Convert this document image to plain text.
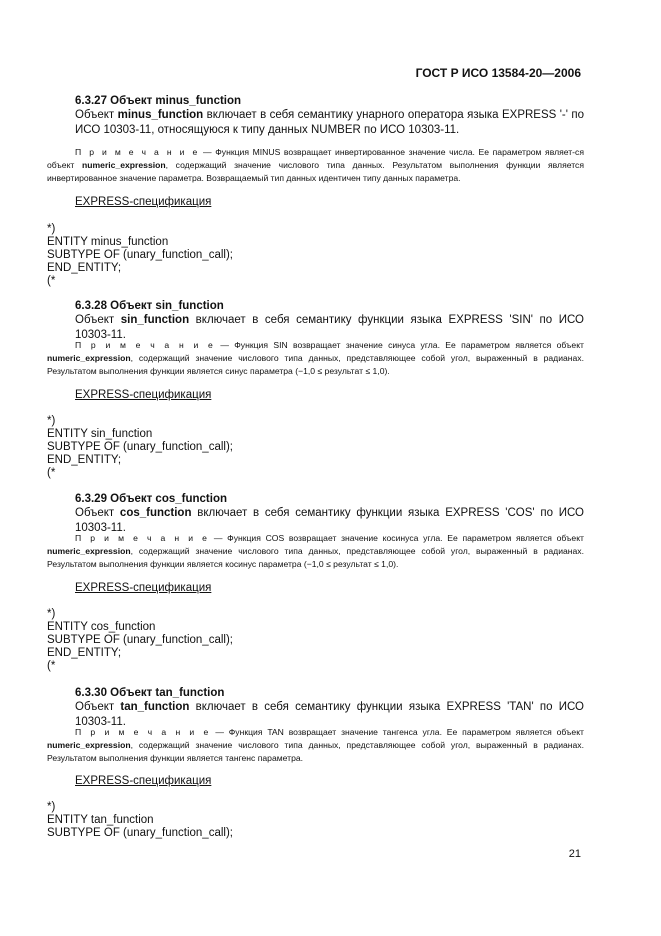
ГОСТ Р ИСО 13584-20—2006
6.3.27 Объект minus_function
Объект minus_function включает в себя семантику унарного оператора языка EXPRESS '-' по ИСО 10303-11, относящуюся к типу данных NUMBER по ИСО 10303-11.
П р и м е ч а н и е — Функция MINUS возвращает инвертированное значение числа. Ее параметром являет-ся объект numeric_expression, содержащий значение числового типа данных. Результатом выполнения функции является инвертированное значение параметра. Возвращаемый тип данных идентичен типу данных параметра.
EXPRESS-спецификация
*)
ENTITY minus_function
SUBTYPE OF (unary_function_call);
END_ENTITY;
(*
6.3.28 Объект sin_function
Объект sin_function включает в себя семантику функции языка EXPRESS 'SIN' по ИСО 10303-11.
П р и м е ч а н и е — Функция SIN возвращает значение синуса угла. Ее параметром является объект numeric_expression, содержащий значение числового типа данных, представляющее собой угол, выраженный в радианах. Результатом выполнения функции является синус параметра (−1,0 ≤ результат ≤ 1,0).
EXPRESS-спецификация
*)
ENTITY sin_function
SUBTYPE OF (unary_function_call);
END_ENTITY;
(*
6.3.29 Объект cos_function
Объект cos_function включает в себя семантику функции языка EXPRESS 'COS' по ИСО 10303-11.
П р и м е ч а н и е — Функция COS возвращает значение косинуса угла. Ее параметром является объект numeric_expression, содержащий значение числового типа данных, представляющее собой угол, выраженный в радианах. Результатом выполнения функции является косинус параметра (−1,0 ≤ результат ≤ 1,0).
EXPRESS-спецификация
*)
ENTITY cos_function
SUBTYPE OF (unary_function_call);
END_ENTITY;
(*
6.3.30 Объект tan_function
Объект tan_function включает в себя семантику функции языка EXPRESS 'TAN' по ИСО 10303-11.
П р и м е ч а н и е — Функция TAN возвращает значение тангенса угла. Ее параметром является объект numeric_expression, содержащий значение числового типа данных, представляющее собой угол, выраженный в радианах. Результатом выполнения функции является тангенс параметра.
EXPRESS-спецификация
*)
ENTITY tan_function
SUBTYPE OF (unary_function_call);
21
